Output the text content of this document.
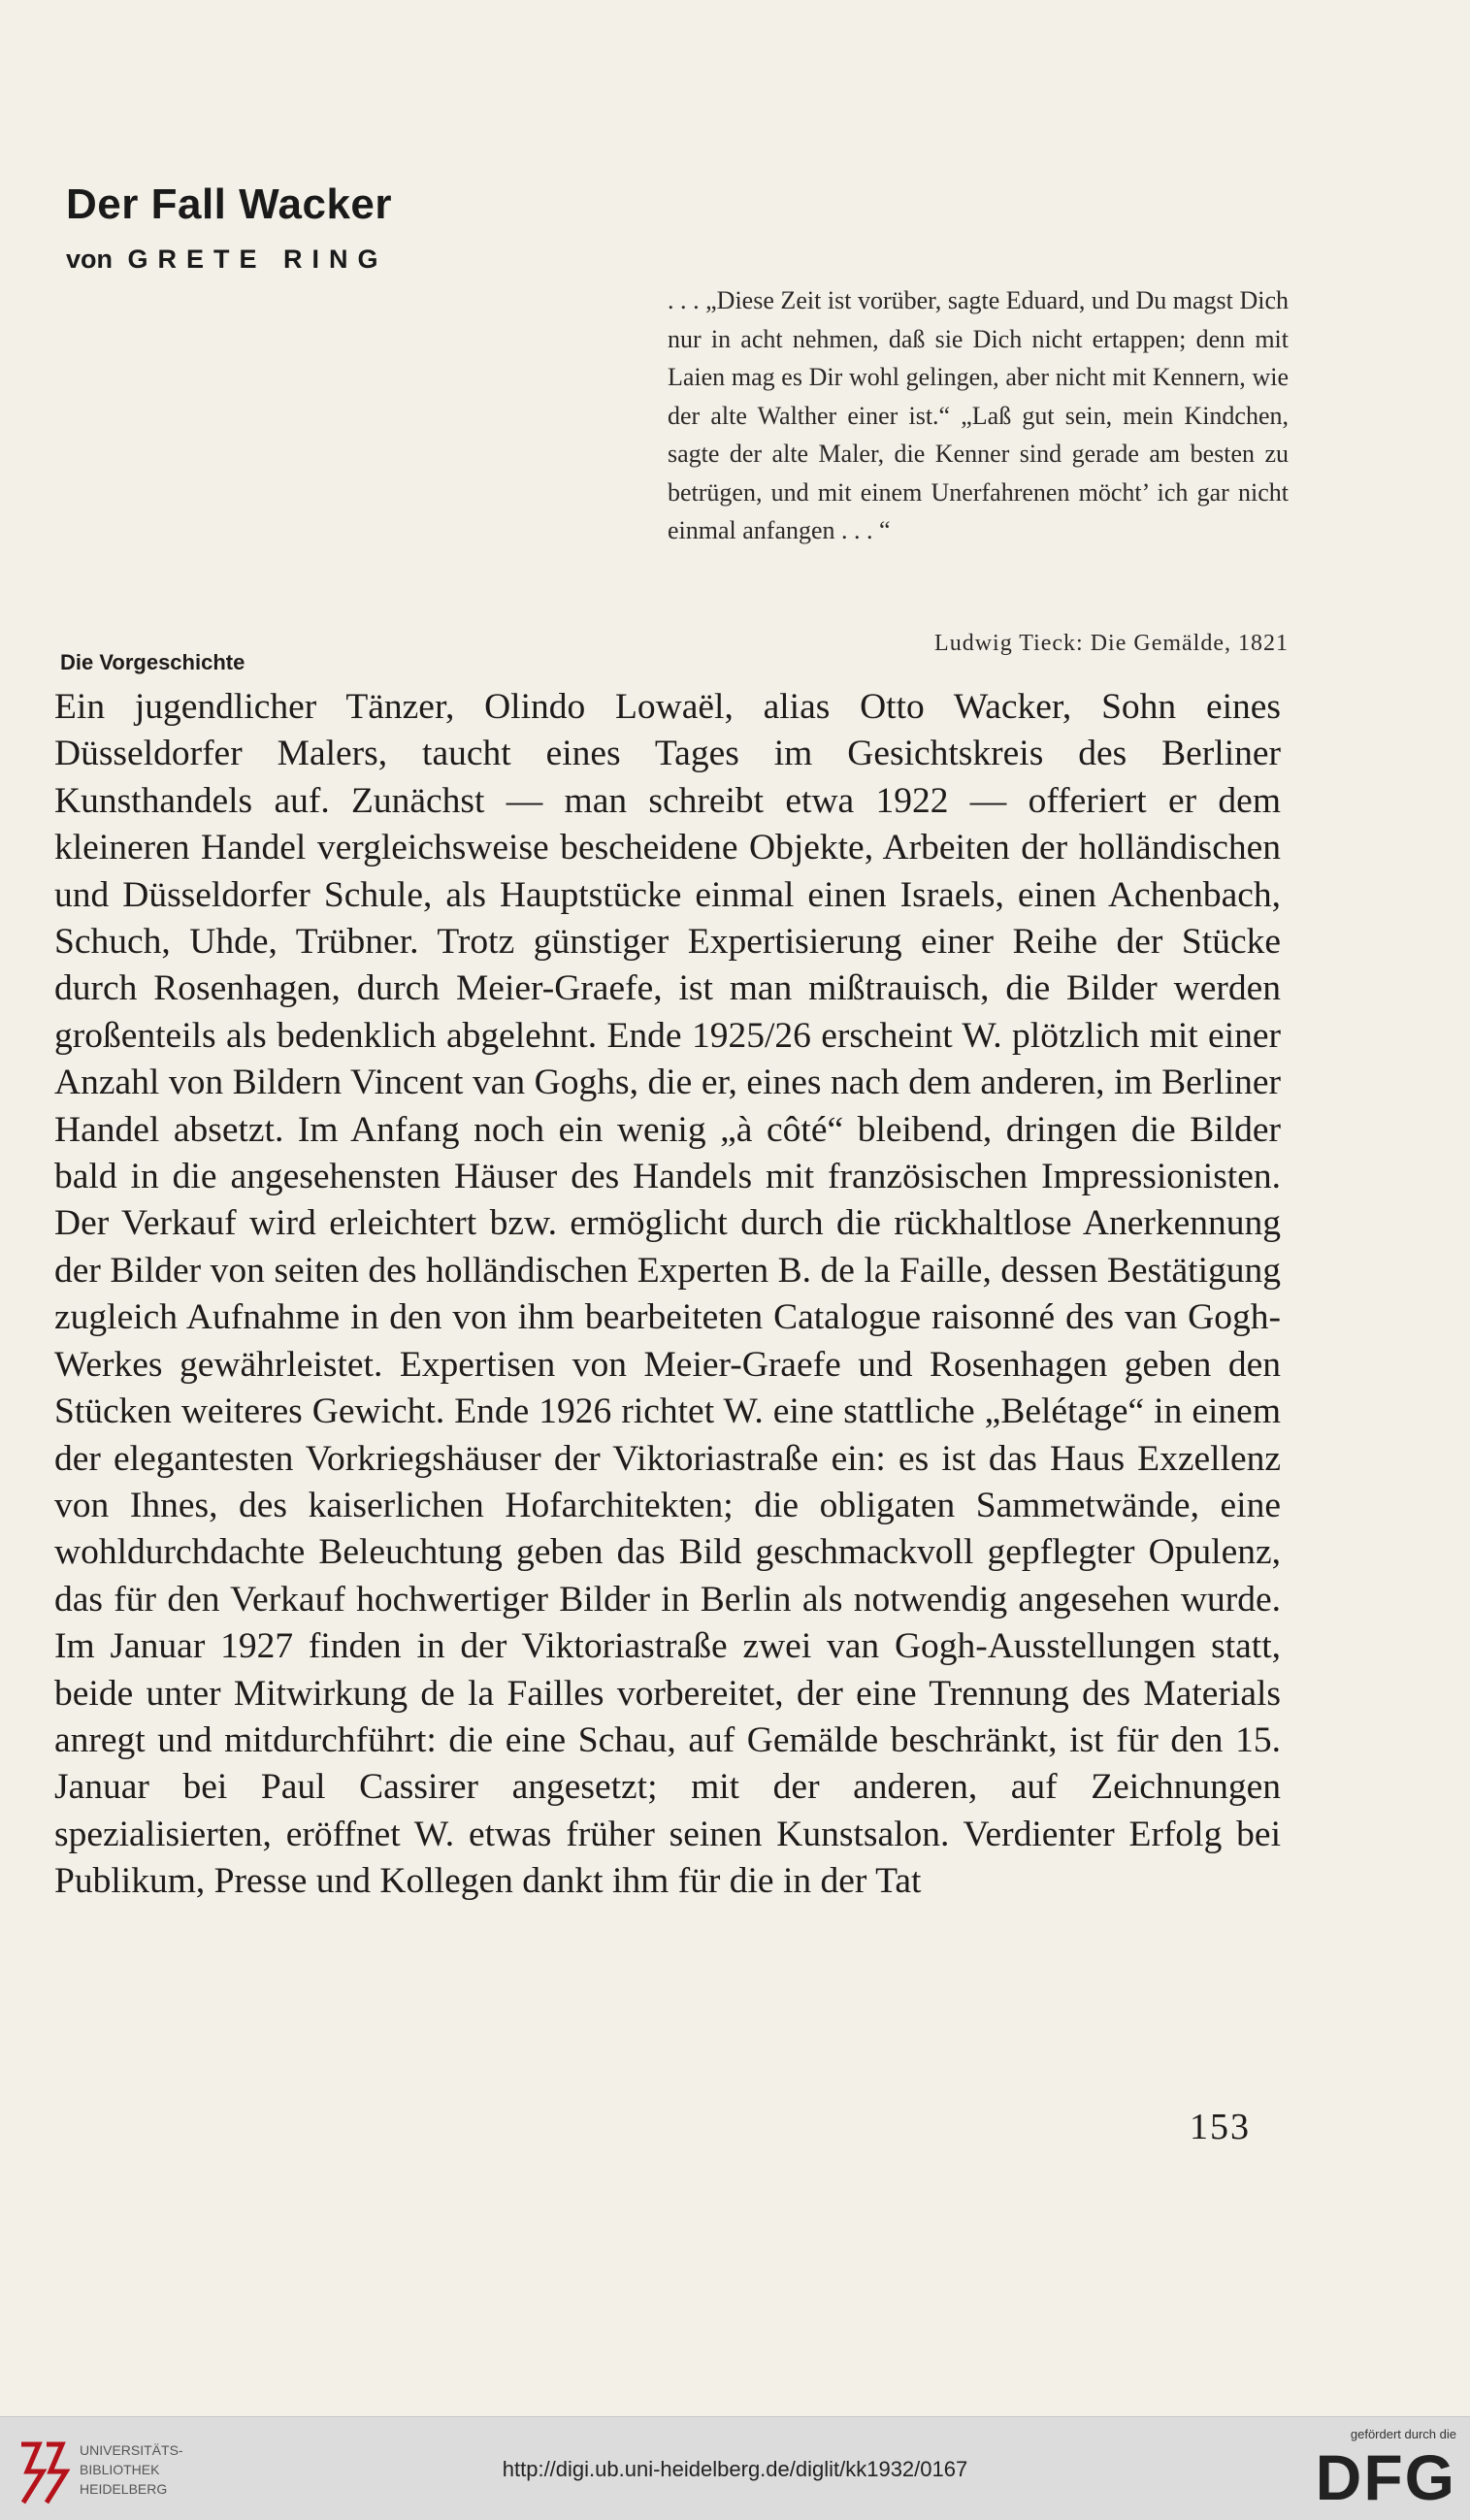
Der Fall Wacker
von GRETE RING
. . . „Diese Zeit ist vorüber, sagte Eduard, und Du magst Dich nur in acht nehmen, daß sie Dich nicht ertappen; denn mit Laien mag es Dir wohl gelingen, aber nicht mit Kennern, wie der alte Walther einer ist.“ „Laß gut sein, mein Kindchen, sagte der alte Maler, die Kenner sind gerade am besten zu betrügen, und mit einem Unerfahrenen möcht’ ich gar nicht einmal anfangen . . . “
Ludwig Tieck: Die Gemälde, 1821
Die Vorgeschichte

Ein jugendlicher Tänzer, Olindo Lowaël, alias Otto Wacker, Sohn eines Düsseldorfer Malers, taucht eines Tages im Gesichtskreis des Berliner Kunsthandels auf. Zunächst — man schreibt etwa 1922 — offeriert er dem kleineren Handel vergleichsweise bescheidene Objekte, Arbeiten der holländischen und Düsseldorfer Schule, als Hauptstücke einmal einen Israels, einen Achenbach, Schuch, Uhde, Trübner. Trotz günstiger Expertisierung einer Reihe der Stücke durch Rosenhagen, durch Meier-Graefe, ist man mißtrauisch, die Bilder werden großenteils als bedenklich abgelehnt. Ende 1925/26 erscheint W. plötzlich mit einer Anzahl von Bildern Vincent van Goghs, die er, eines nach dem anderen, im Berliner Handel absetzt. Im Anfang noch ein wenig „à côté“ bleibend, dringen die Bilder bald in die angesehensten Häuser des Handels mit französischen Impressionisten. Der Verkauf wird erleichtert bzw. ermöglicht durch die rückhaltlose Anerkennung der Bilder von seiten des holländischen Experten B. de la Faille, dessen Bestätigung zugleich Aufnahme in den von ihm bearbeiteten Catalogue raisonné des van Gogh-Werkes gewährleistet. Expertisen von Meier-Graefe und Rosenhagen geben den Stücken weiteres Gewicht. Ende 1926 richtet W. eine stattliche „Belétage“ in einem der elegantesten Vorkriegshäuser der Viktoriastraße ein: es ist das Haus Exzellenz von Ihnes, des kaiserlichen Hofarchitekten; die obligaten Sammetwände, eine wohldurchdachte Beleuchtung geben das Bild geschmackvoll gepflegter Opulenz, das für den Verkauf hochwertiger Bilder in Berlin als notwendig angesehen wurde. Im Januar 1927 finden in der Viktoriastraße zwei van Gogh-Ausstellungen statt, beide unter Mitwirkung de la Failles vorbereitet, der eine Trennung des Materials anregt und mitdurchführt: die eine Schau, auf Gemälde beschränkt, ist für den 15. Januar bei Paul Cassirer angesetzt; mit der anderen, auf Zeichnungen spezialisierten, eröffnet W. etwas früher seinen Kunstsalon. Verdienter Erfolg bei Publikum, Presse und Kollegen dankt ihm für die in der Tat

153
UNIVERSITÄTS-
BIBLIOTHEK
HEIDELBERG
http://digi.ub.uni-heidelberg.de/diglit/kk1932/0167
gefördert durch die
DFG
